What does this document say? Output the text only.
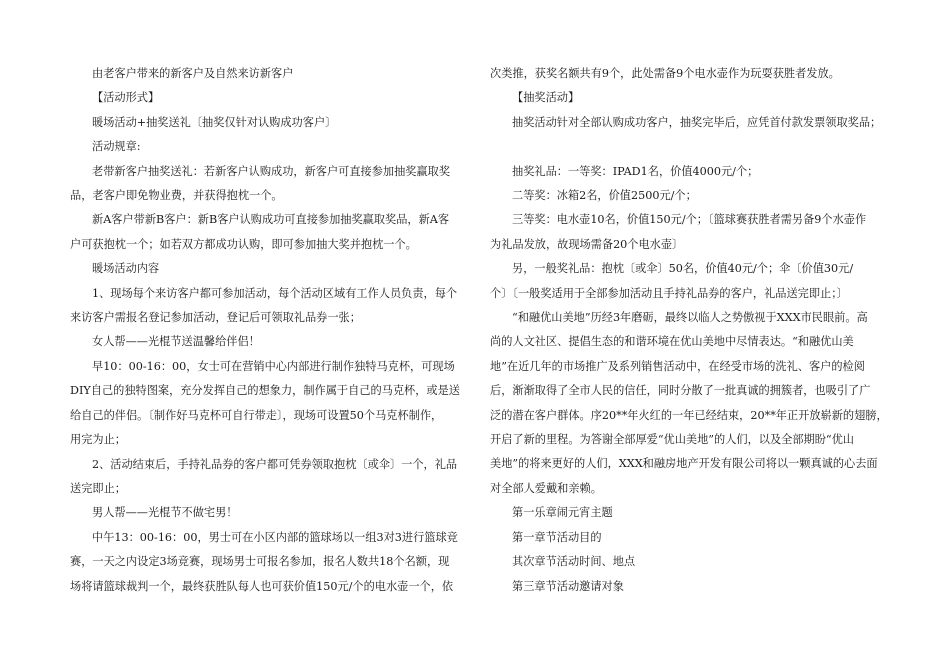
由老客户带来的新客户及自然来访新客户

【活动形式】

暖场活动+抽奖送礼〔抽奖仅针对认购成功客户〕

活动规章:

老带新客户抽奖送礼：若新客户认购成功，新客户可直接参加抽奖赢取奖

品，老客户即免物业费，并获得抱枕一个。

新A客户带新B客户：新B客户认购成功可直接参加抽奖赢取奖品，新A客

户可获抱枕一个；如若双方都成功认购，即可参加抽大奖并抱枕一个。

暖场活动内容

1、现场每个来访客户都可参加活动，每个活动区域有工作人员负责，每个

来访客户需报名登记参加活动，登记后可领取礼品券一张；

女人帮——光棍节送温馨给伴侣！

早10：00-16：00，女士可在营销中心内部进行制作独特马克杯，可现场

DIY自己的独特图案，充分发挥自己的想象力，制作属于自己的马克杯，或是送

给自己的伴侣。〔制作好马克杯可自行带走〕，现场可设置50个马克杯制作，

用完为止；

2、活动结束后，手持礼品券的客户都可凭券领取抱枕〔或伞〕一个，礼品

送完即止；

男人帮——光棍节不做宅男！

中午13：00-16：00，男士可在小区内部的篮球场以一组3对3进行篮球竞

赛，一天之内设定3场竞赛，现场男士可报名参加，报名人数共18个名额，现

场将请篮球裁判一个，最终获胜队每人也可获价值150元/个的电水壶一个，依

次类推，获奖名额共有9个，此处需备9个电水壶作为玩耍获胜者发放。

【抽奖活动】

抽奖活动针对全部认购成功客户，抽奖完毕后，应凭首付款发票领取奖品；

抽奖礼品：一等奖：IPAD1名，价值4000元/个；

二等奖：冰箱2名，价值2500元/个；

三等奖：电水壶10名，价值150元/个；〔篮球赛获胜者需另备9个水壶作

为礼品发放，故现场需备20个电水壶〕

另，一般奖礼品：抱枕〔或伞〕50名，价值40元/个；伞〔价值30元/

个〕〔一般奖适用于全部参加活动且手持礼品券的客户，礼品送完即止；〕

“和融优山美地”历经3年磨砺，最终以临人之势傲视于XXX市民眼前。高

尚的人文社区、提倡生态的和谐环境在优山美地中尽情表达。“和融优山美

地”在近几年的市场推广及系列销售活动中，在经受市场的洗礼、客户的检阅

后，渐渐取得了全市人民的信任，同时分散了一批真诚的拥簇者，也吸引了广

泛的潜在客户群体。序20**年火红的一年已经结束，20**年正开放崭新的翅膀，

开启了新的里程。为答谢全部厚爱“优山美地”的人们，以及全部期盼“优山

美地”的将来更好的人们，XXX和融房地产开发有限公司将以一颗真诚的心去面

对全部人爱戴和亲赖。

第一乐章闹元宵主题

第一章节活动目的

其次章节活动时间、地点

第三章节活动邀请对象
